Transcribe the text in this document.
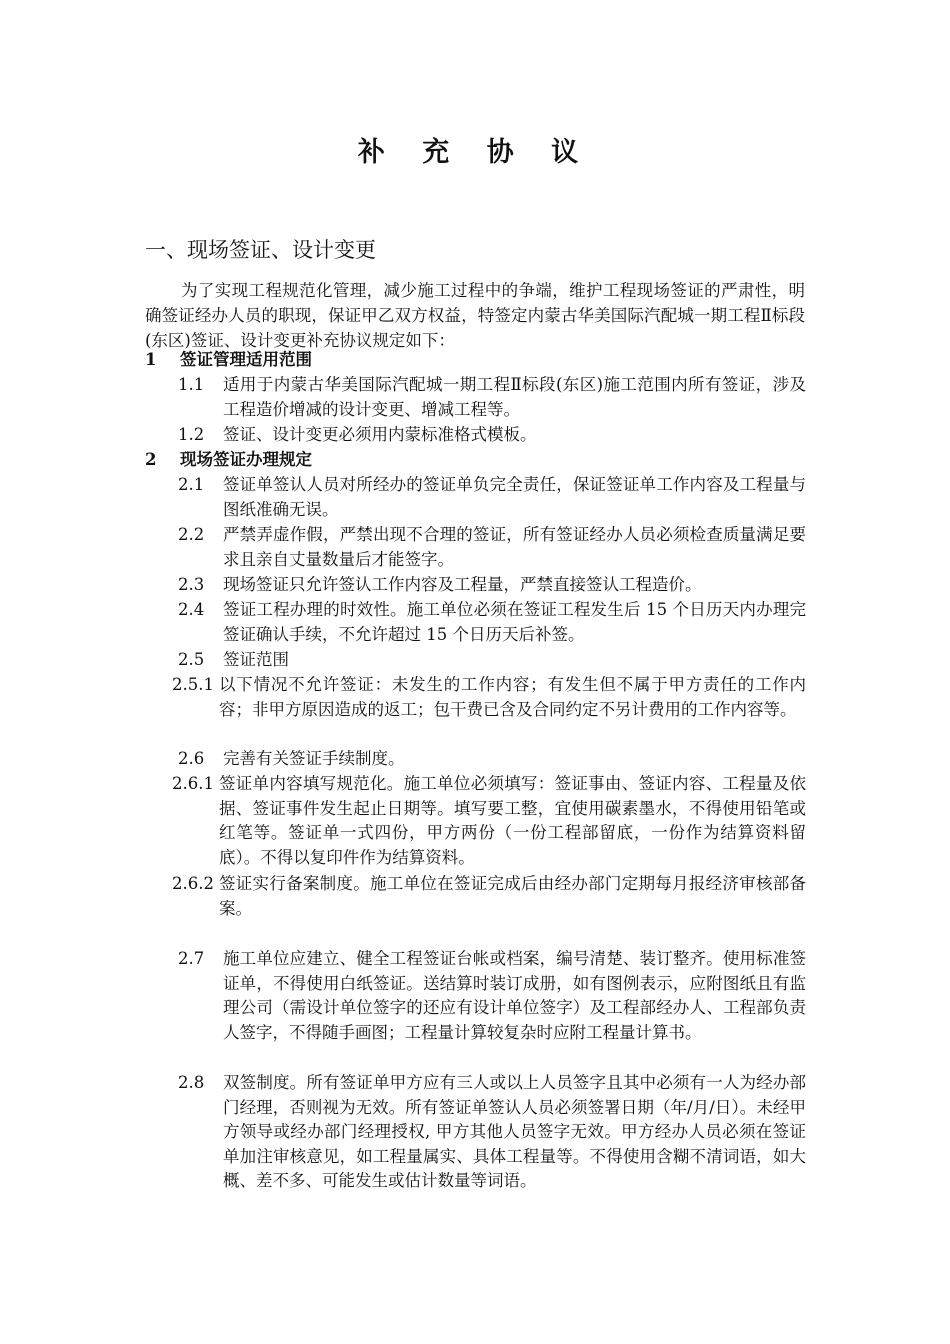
补 充 协 议
一、现场签证、设计变更
为了实现工程规范化管理，减少施工过程中的争端，维护工程现场签证的严肃性，明确签证经办人员的职现，保证甲乙双方权益，特签定内蒙古华美国际汽配城一期工程Ⅱ标段(东区)签证、设计变更补充协议规定如下：
1 签证管理适用范围
1.1 适用于内蒙古华美国际汽配城一期工程Ⅱ标段(东区)施工范围内所有签证，涉及工程造价增减的设计变更、增减工程等。
1.2 签证、设计变更必须用内蒙标准格式模板。
2 现场签证办理规定
2.1 签证单签认人员对所经办的签证单负完全责任，保证签证单工作内容及工程量与图纸准确无误。
2.2 严禁弄虚作假，严禁出现不合理的签证，所有签证经办人员必须检查质量满足要求且亲自丈量数量后才能签字。
2.3 现场签证只允许签认工作内容及工程量，严禁直接签认工程造价。
2.4 签证工程办理的时效性。施工单位必须在签证工程发生后 15 个日历天内办理完签证确认手续，不允许超过 15 个日历天后补签。
2.5 签证范围
2.5.1 以下情况不允许签证：未发生的工作内容；有发生但不属于甲方责任的工作内容；非甲方原因造成的返工；包干费已含及合同约定不另计费用的工作内容等。
2.6 完善有关签证手续制度。
2.6.1 签证单内容填写规范化。施工单位必须填写：签证事由、签证内容、工程量及依据、签证事件发生起止日期等。填写要工整，宜使用碳素墨水，不得使用铅笔或红笔等。签证单一式四份，甲方两份（一份工程部留底，一份作为结算资料留底）。不得以复印件作为结算资料。
2.6.2 签证实行备案制度。施工单位在签证完成后由经办部门定期每月报经济审核部备案。
2.7 施工单位应建立、健全工程签证台帐或档案，编号清楚、装订整齐。使用标准签证单，不得使用白纸签证。送结算时装订成册，如有图例表示，应附图纸且有监理公司（需设计单位签字的还应有设计单位签字）及工程部经办人、工程部负责人签字，不得随手画图；工程量计算较复杂时应附工程量计算书。
2.8 双签制度。所有签证单甲方应有三人或以上人员签字且其中必须有一人为经办部门经理，否则视为无效。所有签证单签认人员必须签署日期（年/月/日）。未经甲方领导或经办部门经理授权, 甲方其他人员签字无效。甲方经办人员必须在签证单加注审核意见，如工程量属实、具体工程量等。不得使用含糊不清词语，如大概、差不多、可能发生或估计数量等词语。
